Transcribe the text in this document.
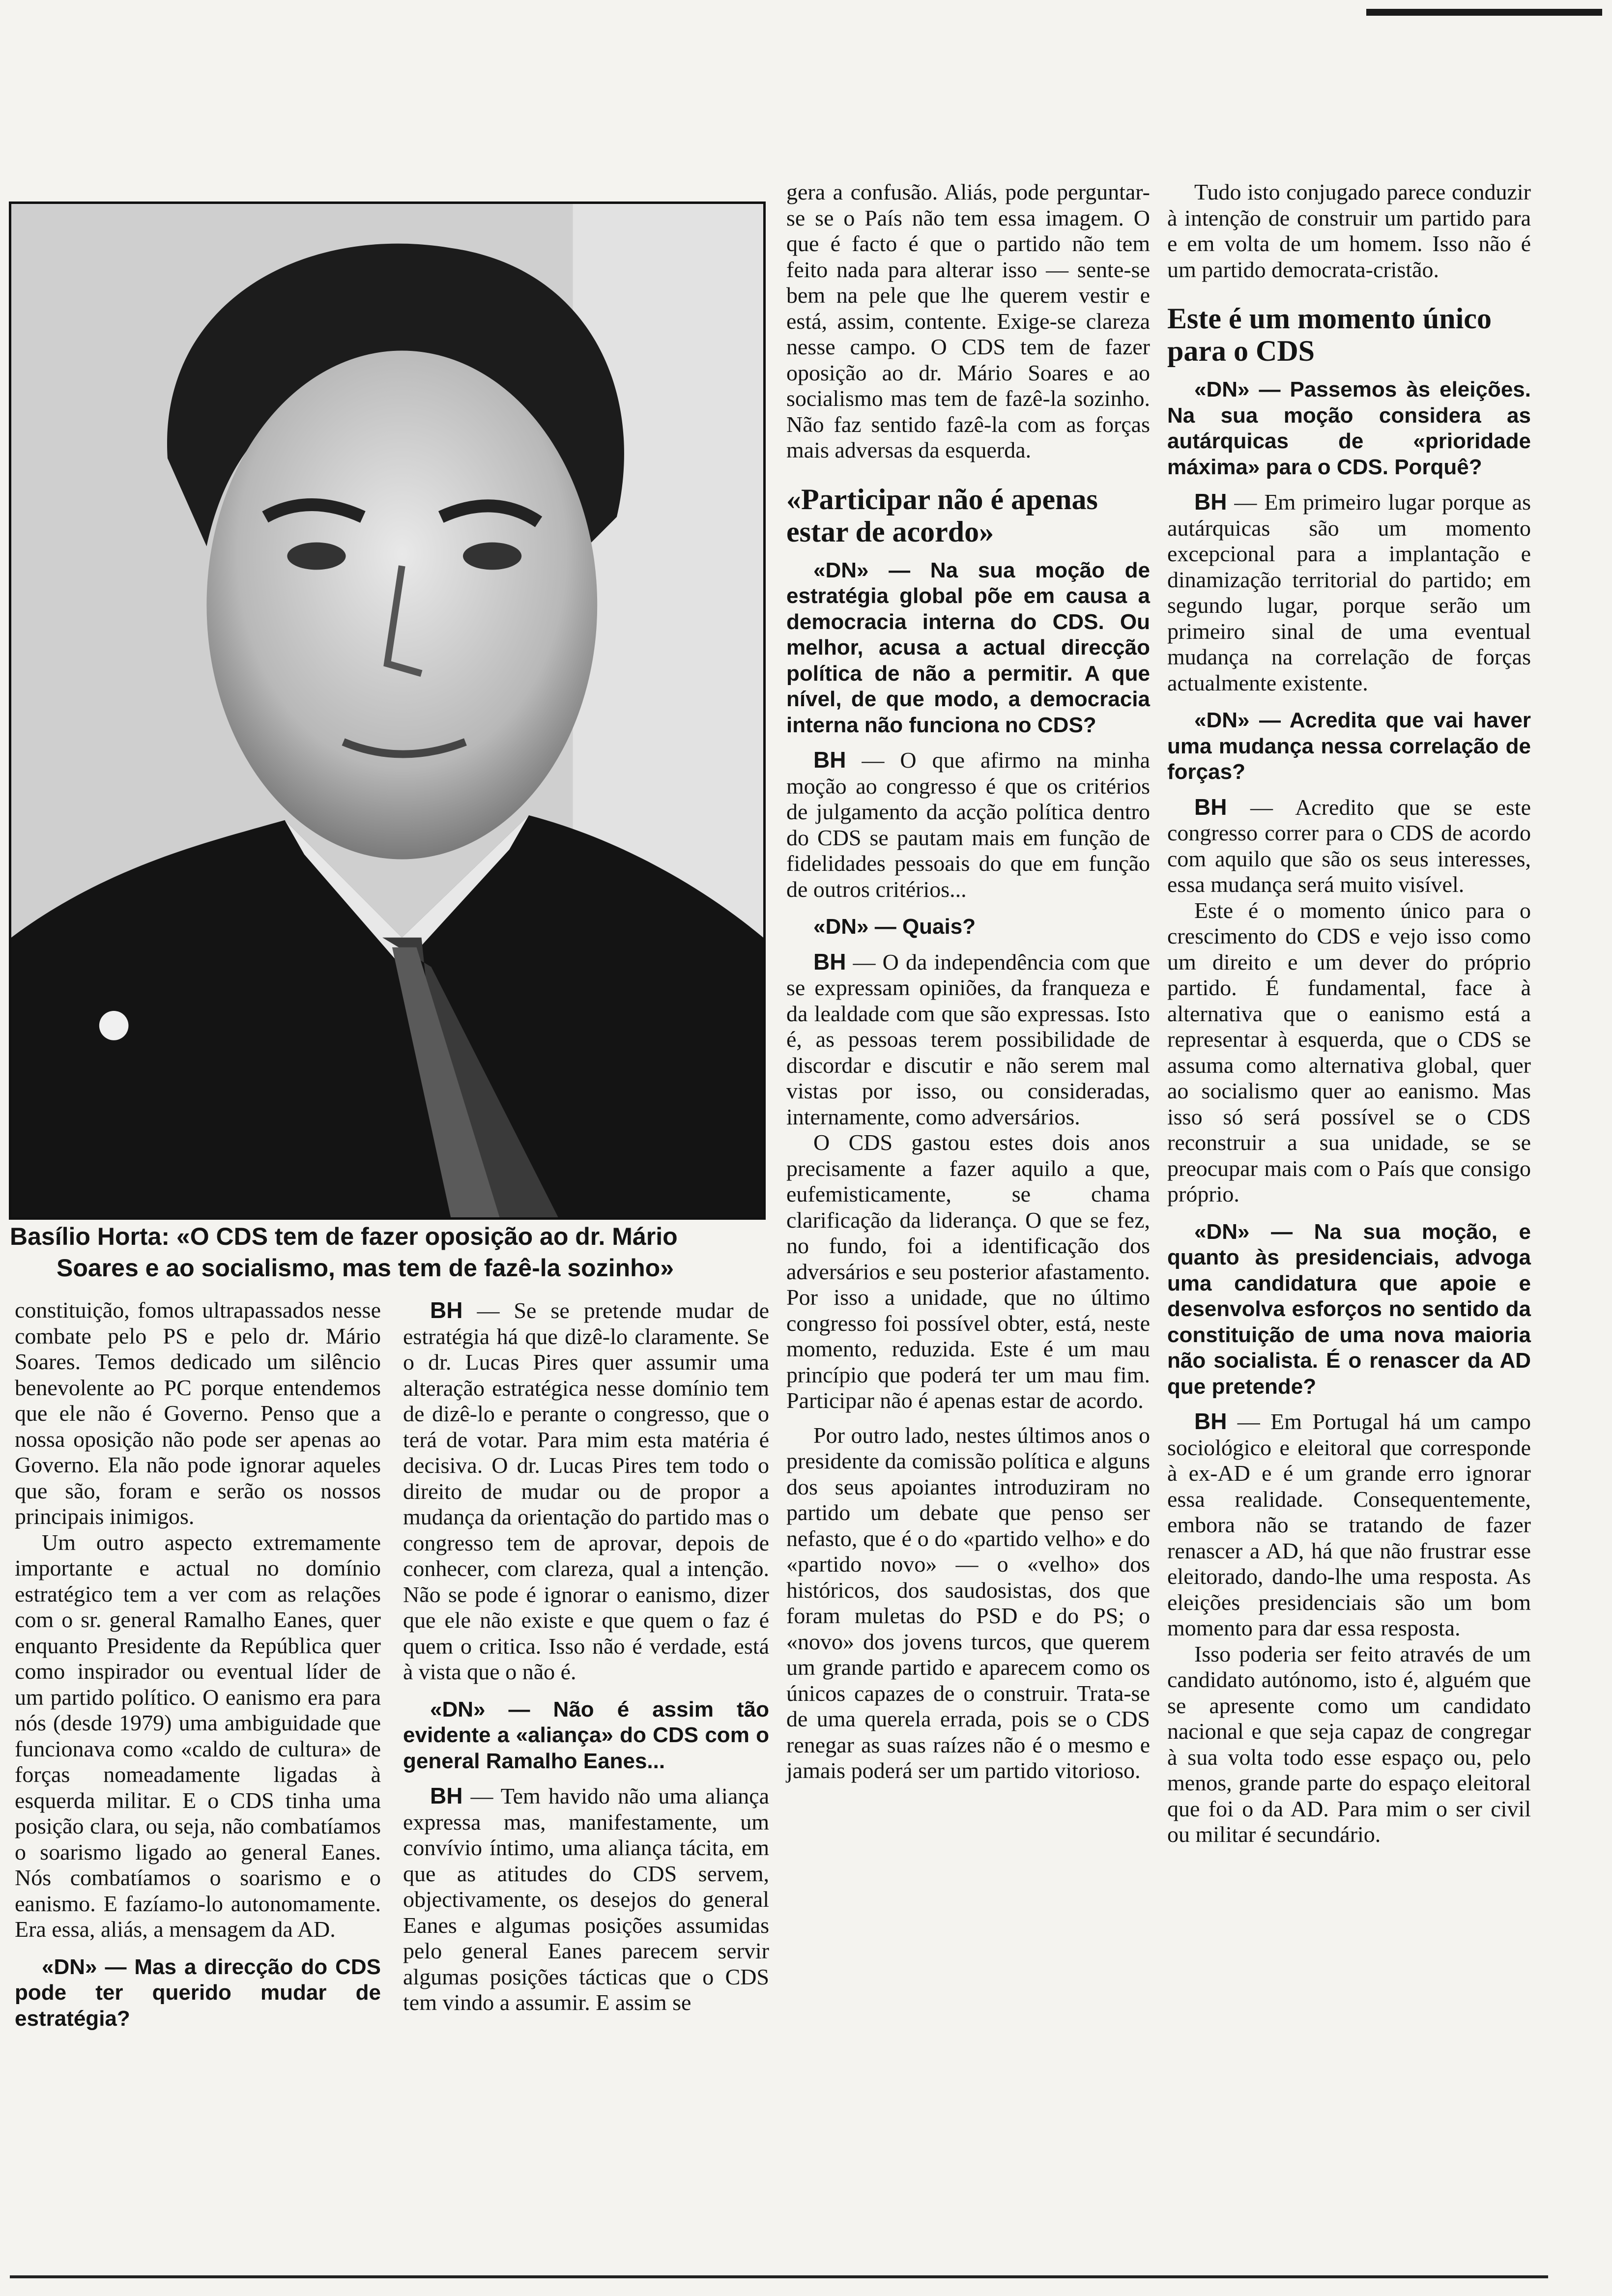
Basílio Horta: «O CDS tem de fazer oposição ao dr. Mário
Soares e ao socialismo, mas tem de fazê-la sozinho»

constituição, fomos ultrapassados nesse combate pelo PS e pelo dr. Mário Soares. Temos dedicado um silêncio benevolente ao PC porque entendemos que ele não é Governo. Penso que a nossa oposição não pode ser apenas ao Governo. Ela não pode ignorar aqueles que são, foram e serão os nossos principais inimigos.

Um outro aspecto extremamente importante e actual no domínio estratégico tem a ver com as relações com o sr. general Ramalho Eanes, quer enquanto Presidente da República quer como inspirador ou eventual líder de um partido político. O eanismo era para nós (desde 1979) uma ambiguidade que funcionava como «caldo de cultura» de forças nomeadamente ligadas à esquerda militar. E o CDS tinha uma posição clara, ou seja, não combatíamos o soarismo ligado ao general Eanes. Nós combatíamos o soarismo e o eanismo. E fazíamo-lo autonomamente. Era essa, aliás, a mensagem da AD.

«DN» — Mas a direcção do CDS pode ter querido mudar de estratégia?

BH — Se se pretende mudar de estratégia há que dizê-lo claramente. Se o dr. Lucas Pires quer assumir uma alteração estratégica nesse domínio tem de dizê-lo e perante o congresso, que o terá de votar. Para mim esta matéria é decisiva. O dr. Lucas Pires tem todo o direito de mudar ou de propor a mudança da orientação do partido mas o congresso tem de aprovar, depois de conhecer, com clareza, qual a intenção. Não se pode é ignorar o eanismo, dizer que ele não existe e que quem o faz é quem o critica. Isso não é verdade, está à vista que o não é.

«DN» — Não é assim tão evidente a «aliança» do CDS com o general Ramalho Eanes...

BH — Tem havido não uma aliança expressa mas, manifestamente, um convívio íntimo, uma aliança tácita, em que as atitudes do CDS servem, objectivamente, os desejos do general Eanes e algumas posições assumidas pelo general Eanes parecem servir algumas posições tácticas que o CDS tem vindo a assumir. E assim se

gera a confusão. Aliás, pode perguntar-se se o País não tem essa imagem. O que é facto é que o partido não tem feito nada para alterar isso — sente-se bem na pele que lhe querem vestir e está, assim, contente. Exige-se clareza nesse campo. O CDS tem de fazer oposição ao dr. Mário Soares e ao socialismo mas tem de fazê-la sozinho. Não faz sentido fazê-la com as forças mais adversas da esquerda.

«Participar não é apenas estar de acordo»

«DN» — Na sua moção de estratégia global põe em causa a democracia interna do CDS. Ou melhor, acusa a actual direcção política de não a permitir. A que nível, de que modo, a democracia interna não funciona no CDS?

BH — O que afirmo na minha moção ao congresso é que os critérios de julgamento da acção política dentro do CDS se pautam mais em função de fidelidades pessoais do que em função de outros critérios...

«DN» — Quais?

BH — O da independência com que se expressam opiniões, da franqueza e da lealdade com que são expressas. Isto é, as pessoas terem possibilidade de discordar e discutir e não serem mal vistas por isso, ou consideradas, internamente, como adversários.

O CDS gastou estes dois anos precisamente a fazer aquilo a que, eufemisticamente, se chama clarificação da liderança. O que se fez, no fundo, foi a identificação dos adversários e seu posterior afastamento. Por isso a unidade, que no último congresso foi possível obter, está, neste momento, reduzida. Este é um mau princípio que poderá ter um mau fim. Participar não é apenas estar de acordo.

Por outro lado, nestes últimos anos o presidente da comissão política e alguns dos seus apoiantes introduziram no partido um debate que penso ser nefasto, que é o do «partido velho» e do «partido novo» — o «velho» dos históricos, dos saudosistas, dos que foram muletas do PSD e do PS; o «novo» dos jovens turcos, que querem um grande partido e aparecem como os únicos capazes de o construir. Trata-se de uma querela errada, pois se o CDS renegar as suas raízes não é o mesmo e jamais poderá ser um partido vitorioso.

Tudo isto conjugado parece conduzir à intenção de construir um partido para e em volta de um homem. Isso não é um partido democrata-cristão.

Este é um momento único para o CDS

«DN» — Passemos às eleições. Na sua moção considera as autárquicas de «prioridade máxima» para o CDS. Porquê?

BH — Em primeiro lugar porque as autárquicas são um momento excepcional para a implantação e dinamização territorial do partido; em segundo lugar, porque serão um primeiro sinal de uma eventual mudança na correlação de forças actualmente existente.

«DN» — Acredita que vai haver uma mudança nessa correlação de forças?

BH — Acredito que se este congresso correr para o CDS de acordo com aquilo que são os seus interesses, essa mudança será muito visível.

Este é o momento único para o crescimento do CDS e vejo isso como um direito e um dever do próprio partido. É fundamental, face à alternativa que o eanismo está a representar à esquerda, que o CDS se assuma como alternativa global, quer ao socialismo quer ao eanismo. Mas isso só será possível se o CDS reconstruir a sua unidade, se se preocupar mais com o País que consigo próprio.

«DN» — Na sua moção, e quanto às presidenciais, advoga uma candidatura que apoie e desenvolva esforços no sentido da constituição de uma nova maioria não socialista. É o renascer da AD que pretende?

BH — Em Portugal há um campo sociológico e eleitoral que corresponde à ex-AD e é um grande erro ignorar essa realidade. Consequentemente, embora não se tratando de fazer renascer a AD, há que não frustrar esse eleitorado, dando-lhe uma resposta. As eleições presidenciais são um bom momento para dar essa resposta.

Isso poderia ser feito através de um candidato autónomo, isto é, alguém que se apresente como um candidato nacional e que seja capaz de congregar à sua volta todo esse espaço ou, pelo menos, grande parte do espaço eleitoral que foi o da AD. Para mim o ser civil ou militar é secundário.
